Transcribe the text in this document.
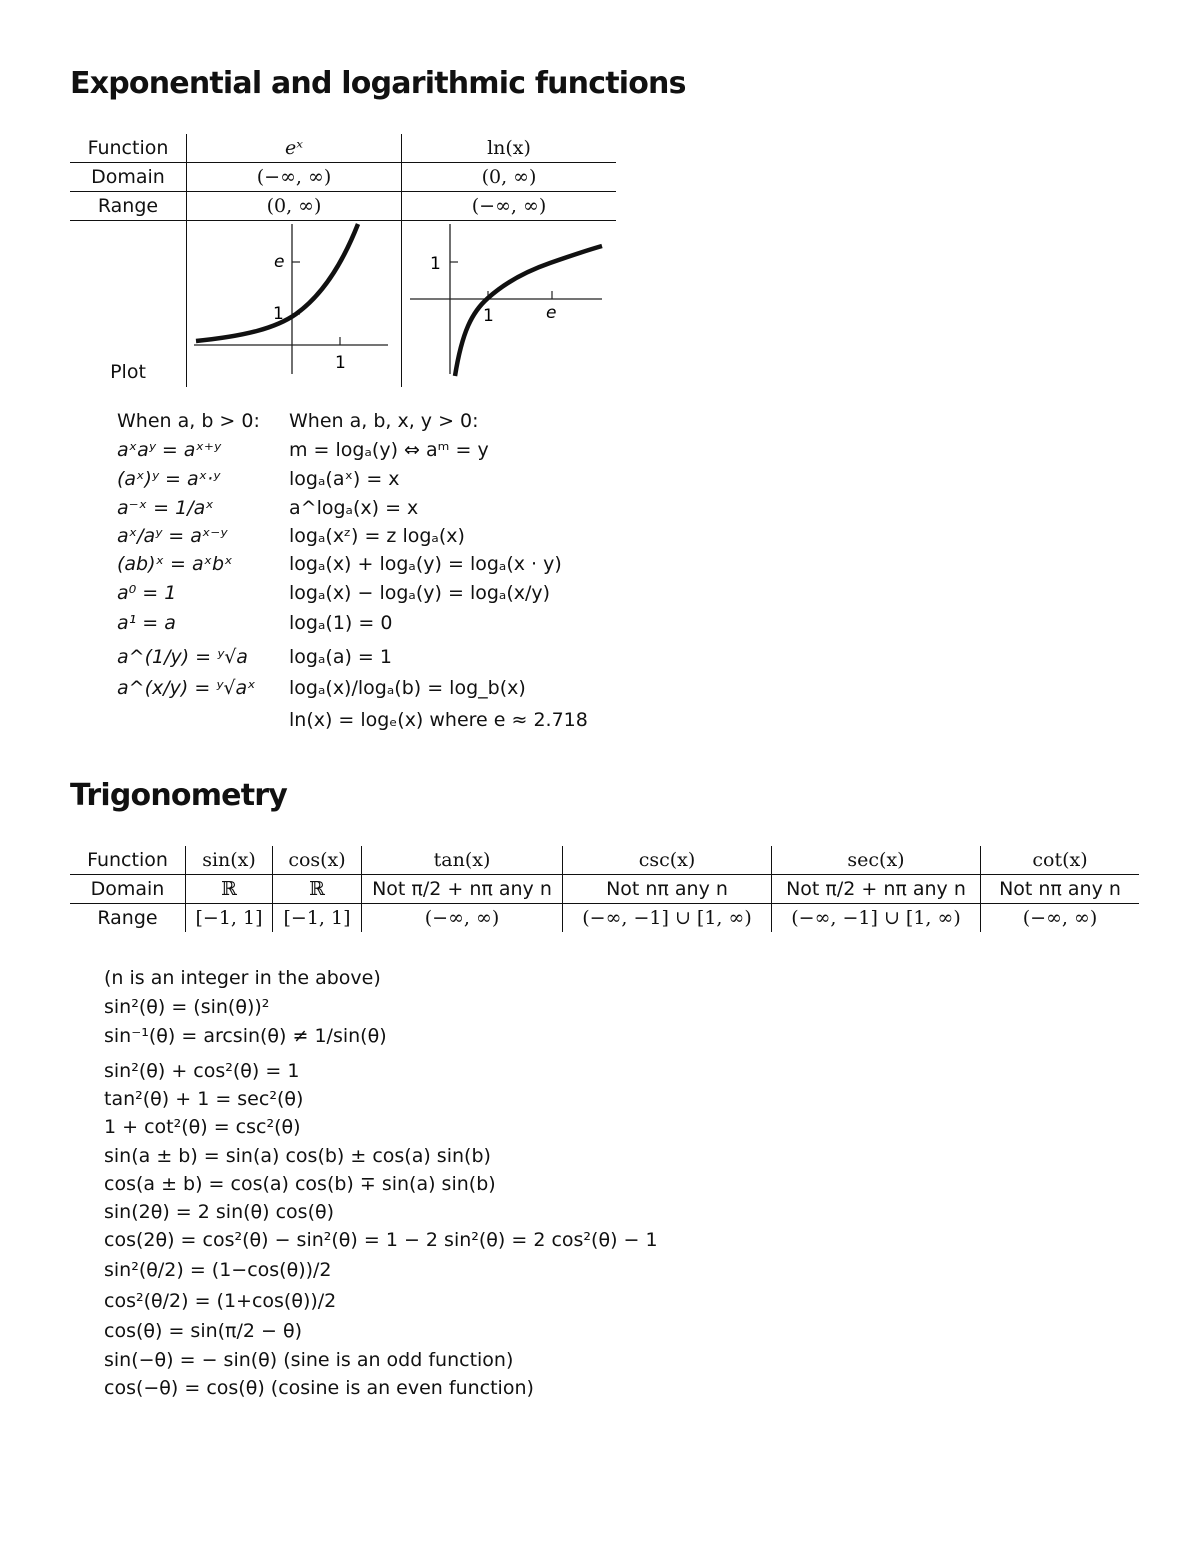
Exponential and logarithmic functions
Function	eˣ	ln(x)
Domain	(−∞, ∞)	(0, ∞)
Range	(0, ∞)	(−∞, ∞)
Plot		
e
1
1
1
1	e
When a, b > 0:
aˣaʸ = aˣ⁺ʸ
(aˣ)ʸ = aˣ·ʸ
a⁻ˣ = 1/aˣ
aˣ/aʸ = aˣ⁻ʸ
(ab)ˣ = aˣbˣ
a⁰ = 1
a¹ = a
a^(1/y) = ʸ√a
a^(x/y) = ʸ√aˣ
When a, b, x, y > 0:
m = logₐ(y) ⇔ aᵐ = y
logₐ(aˣ) = x
a^logₐ(x) = x
logₐ(xᶻ) = z logₐ(x)
logₐ(x) + logₐ(y) = logₐ(x · y)
logₐ(x) − logₐ(y) = logₐ(x/y)
logₐ(1) = 0
logₐ(a) = 1
logₐ(x)/logₐ(b) = log_b(x)
ln(x) = logₑ(x) where e ≈ 2.718
Trigonometry
Function	sin(x)	cos(x)	tan(x)	csc(x)	sec(x)	cot(x)
Domain	ℝ	ℝ	Not π/2 + nπ any n	Not nπ any n	Not π/2 + nπ any n	Not nπ any n
Range	[−1, 1]	[−1, 1]	(−∞, ∞)	(−∞, −1] ∪ [1, ∞)	(−∞, −1] ∪ [1, ∞)	(−∞, ∞)
(n is an integer in the above)
sin²(θ) = (sin(θ))²
sin⁻¹(θ) = arcsin(θ) ≠ 1/sin(θ)
sin²(θ) + cos²(θ) = 1
tan²(θ) + 1 = sec²(θ)
1 + cot²(θ) = csc²(θ)
sin(a ± b) = sin(a) cos(b) ± cos(a) sin(b)
cos(a ± b) = cos(a) cos(b) ∓ sin(a) sin(b)
sin(2θ) = 2 sin(θ) cos(θ)
cos(2θ) = cos²(θ) − sin²(θ) = 1 − 2 sin²(θ) = 2 cos²(θ) − 1
sin²(θ/2) = (1−cos(θ))/2
cos²(θ/2) = (1+cos(θ))/2
cos(θ) = sin(π/2 − θ)
sin(−θ) = − sin(θ) (sine is an odd function)
cos(−θ) = cos(θ) (cosine is an even function)
